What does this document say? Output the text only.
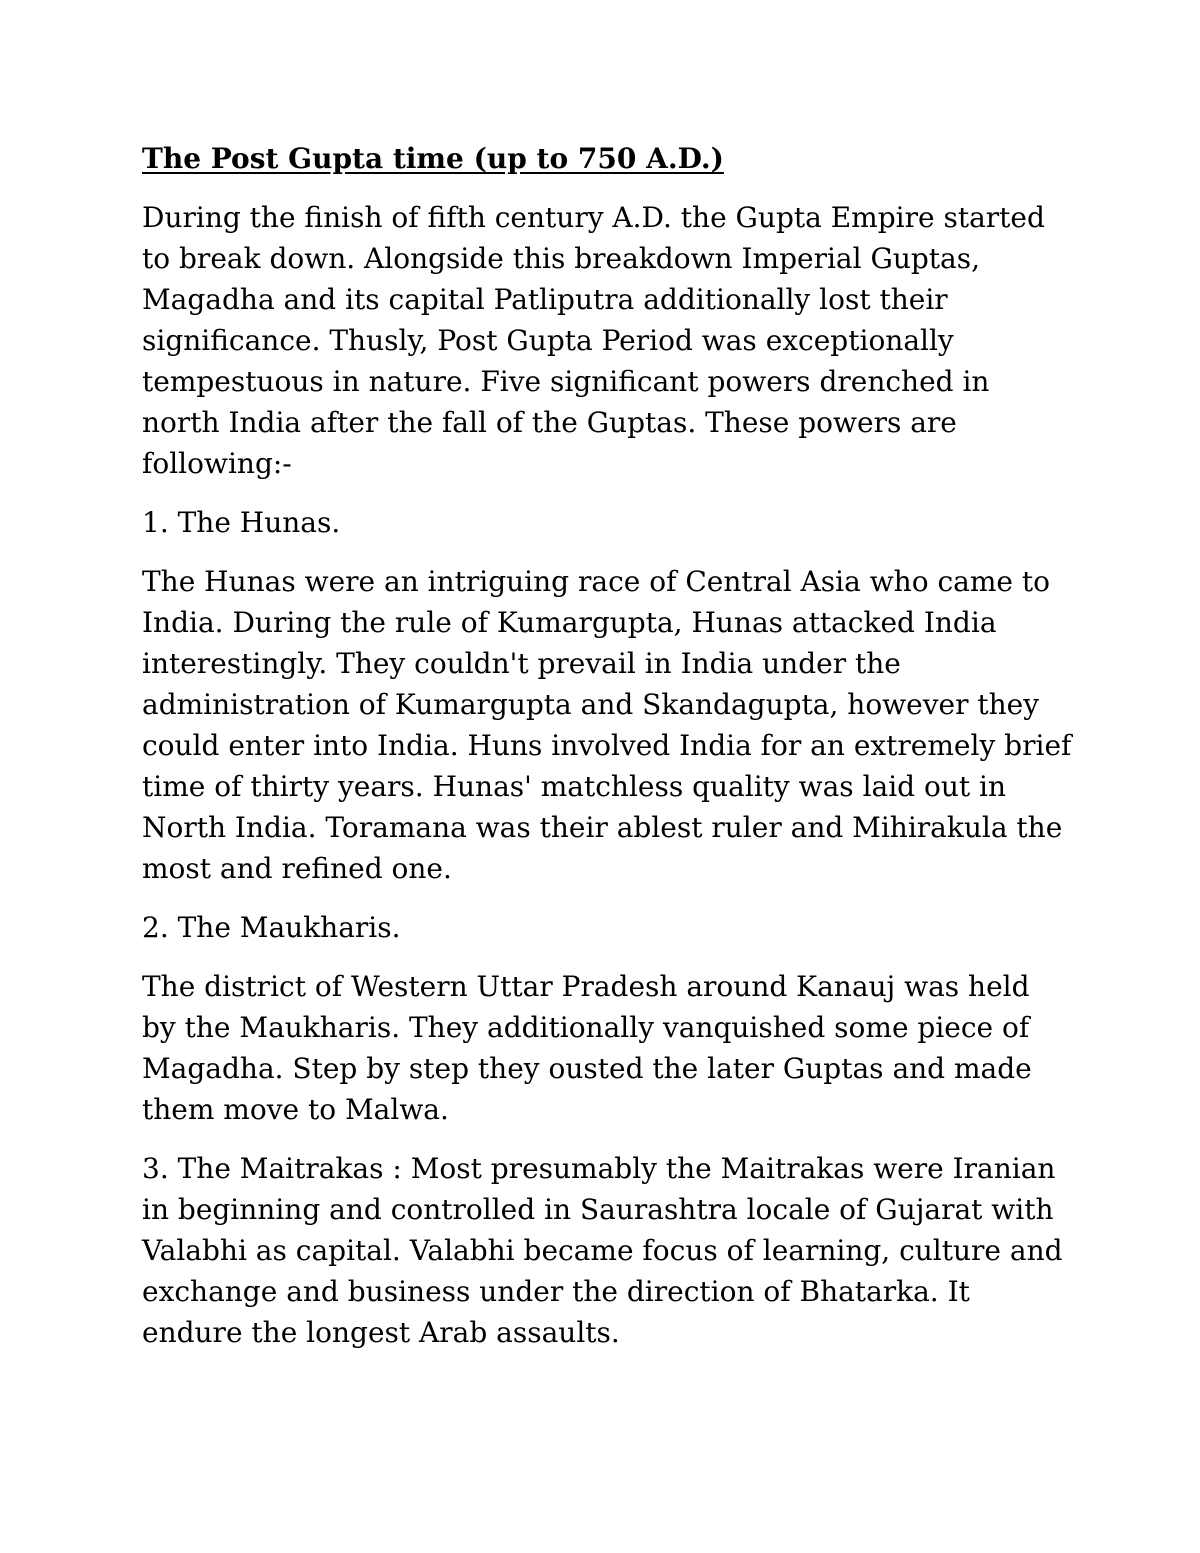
The Post Gupta time (up to 750 A.D.)

During the finish of fifth century A.D. the Gupta Empire started to break down. Alongside this breakdown Imperial Guptas, Magadha and its capital Patliputra additionally lost their significance. Thusly, Post Gupta Period was exceptionally tempestuous in nature. Five significant powers drenched in north India after the fall of the Guptas. These powers are following:-

1. The Hunas.

The Hunas were an intriguing race of Central Asia who came to India. During the rule of Kumargupta, Hunas attacked India interestingly. They couldn't prevail in India under the administration of Kumargupta and Skandagupta, however they could enter into India. Huns involved India for an extremely brief time of thirty years. Hunas' matchless quality was laid out in North India. Toramana was their ablest ruler and Mihirakula the most and refined one.

2. The Maukharis.

The district of Western Uttar Pradesh around Kanauj was held by the Maukharis. They additionally vanquished some piece of Magadha. Step by step they ousted the later Guptas and made them move to Malwa.

3. The Maitrakas : Most presumably the Maitrakas were Iranian in beginning and controlled in Saurashtra locale of Gujarat with Valabhi as capital. Valabhi became focus of learning, culture and exchange and business under the direction of Bhatarka. It endure the longest Arab assaults.
